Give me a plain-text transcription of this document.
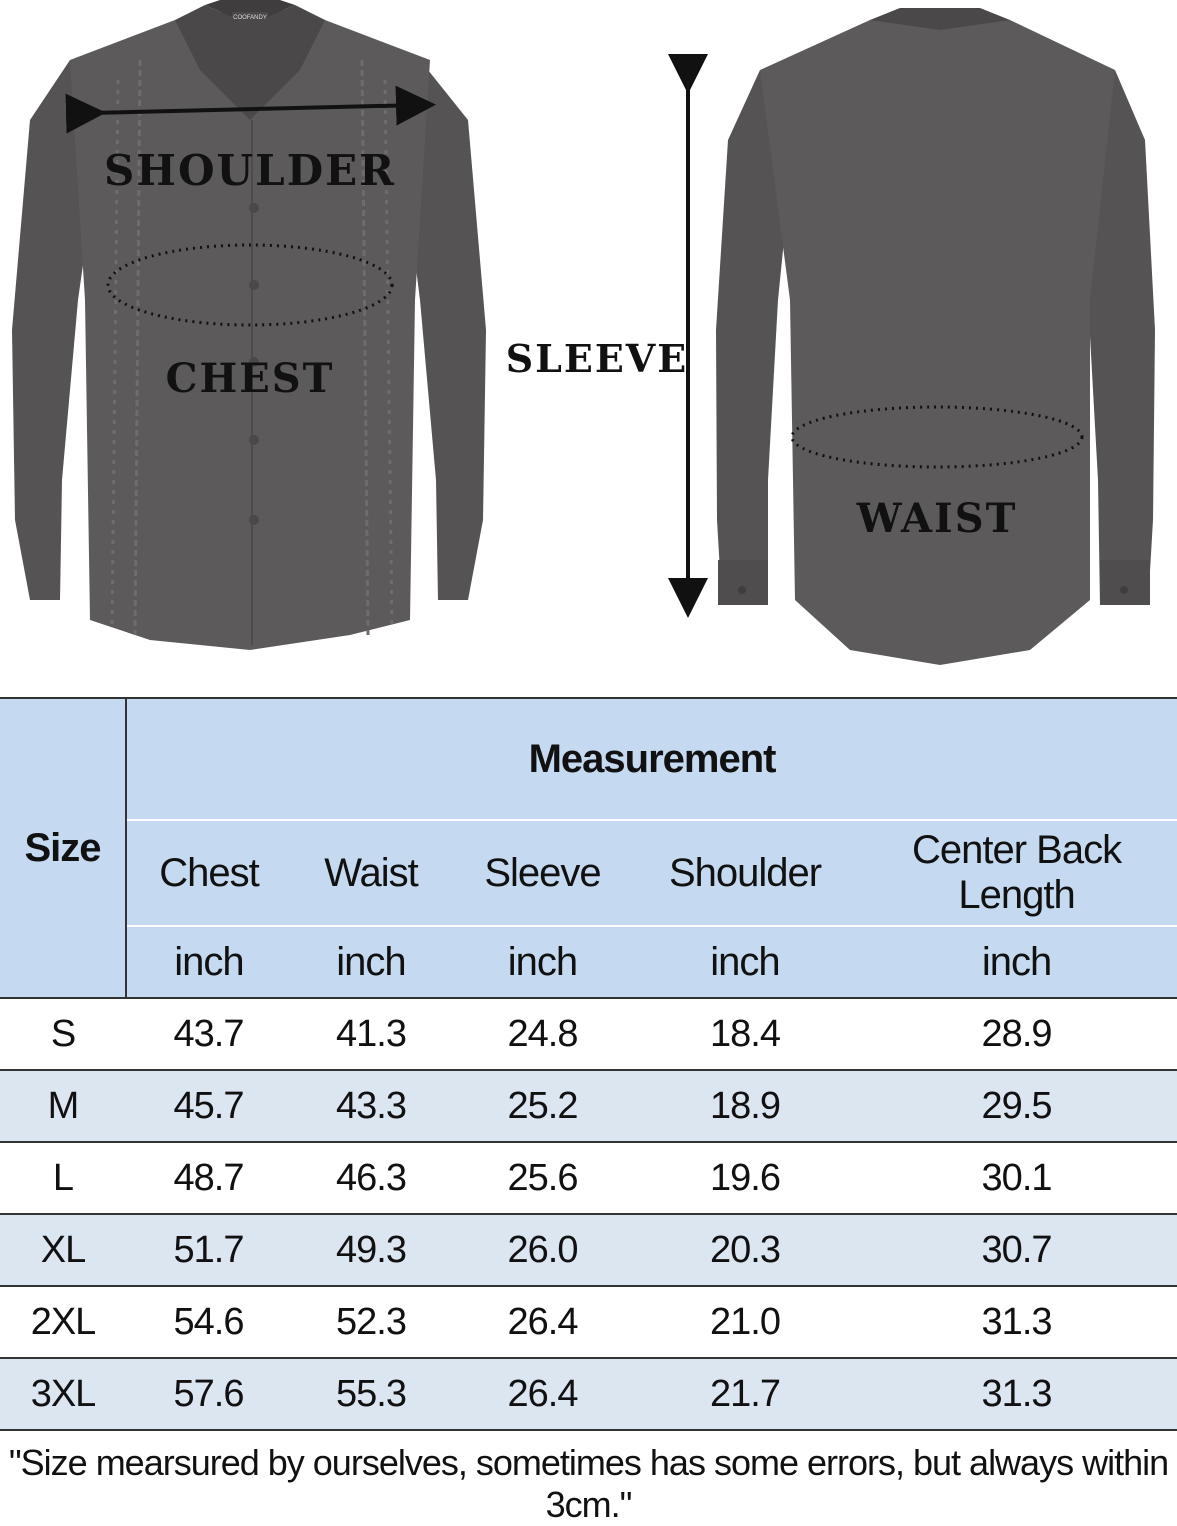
COOFANDY
SHOULDER
CHEST	SLEEVE
WAIST
Size	Measurement				
	Chest	Waist	Sleeve	Shoulder	Center Back Length
	inch	inch	inch	inch	inch
S	43.7	41.3	24.8	18.4	28.9
M	45.7	43.3	25.2	18.9	29.5
L	48.7	46.3	25.6	19.6	30.1
XL	51.7	49.3	26.0	20.3	30.7
2XL	54.6	52.3	26.4	21.0	31.3
3XL	57.6	55.3	26.4	21.7	31.3
"Size mearsured by ourselves, sometimes has some errors, but always within 3cm."
